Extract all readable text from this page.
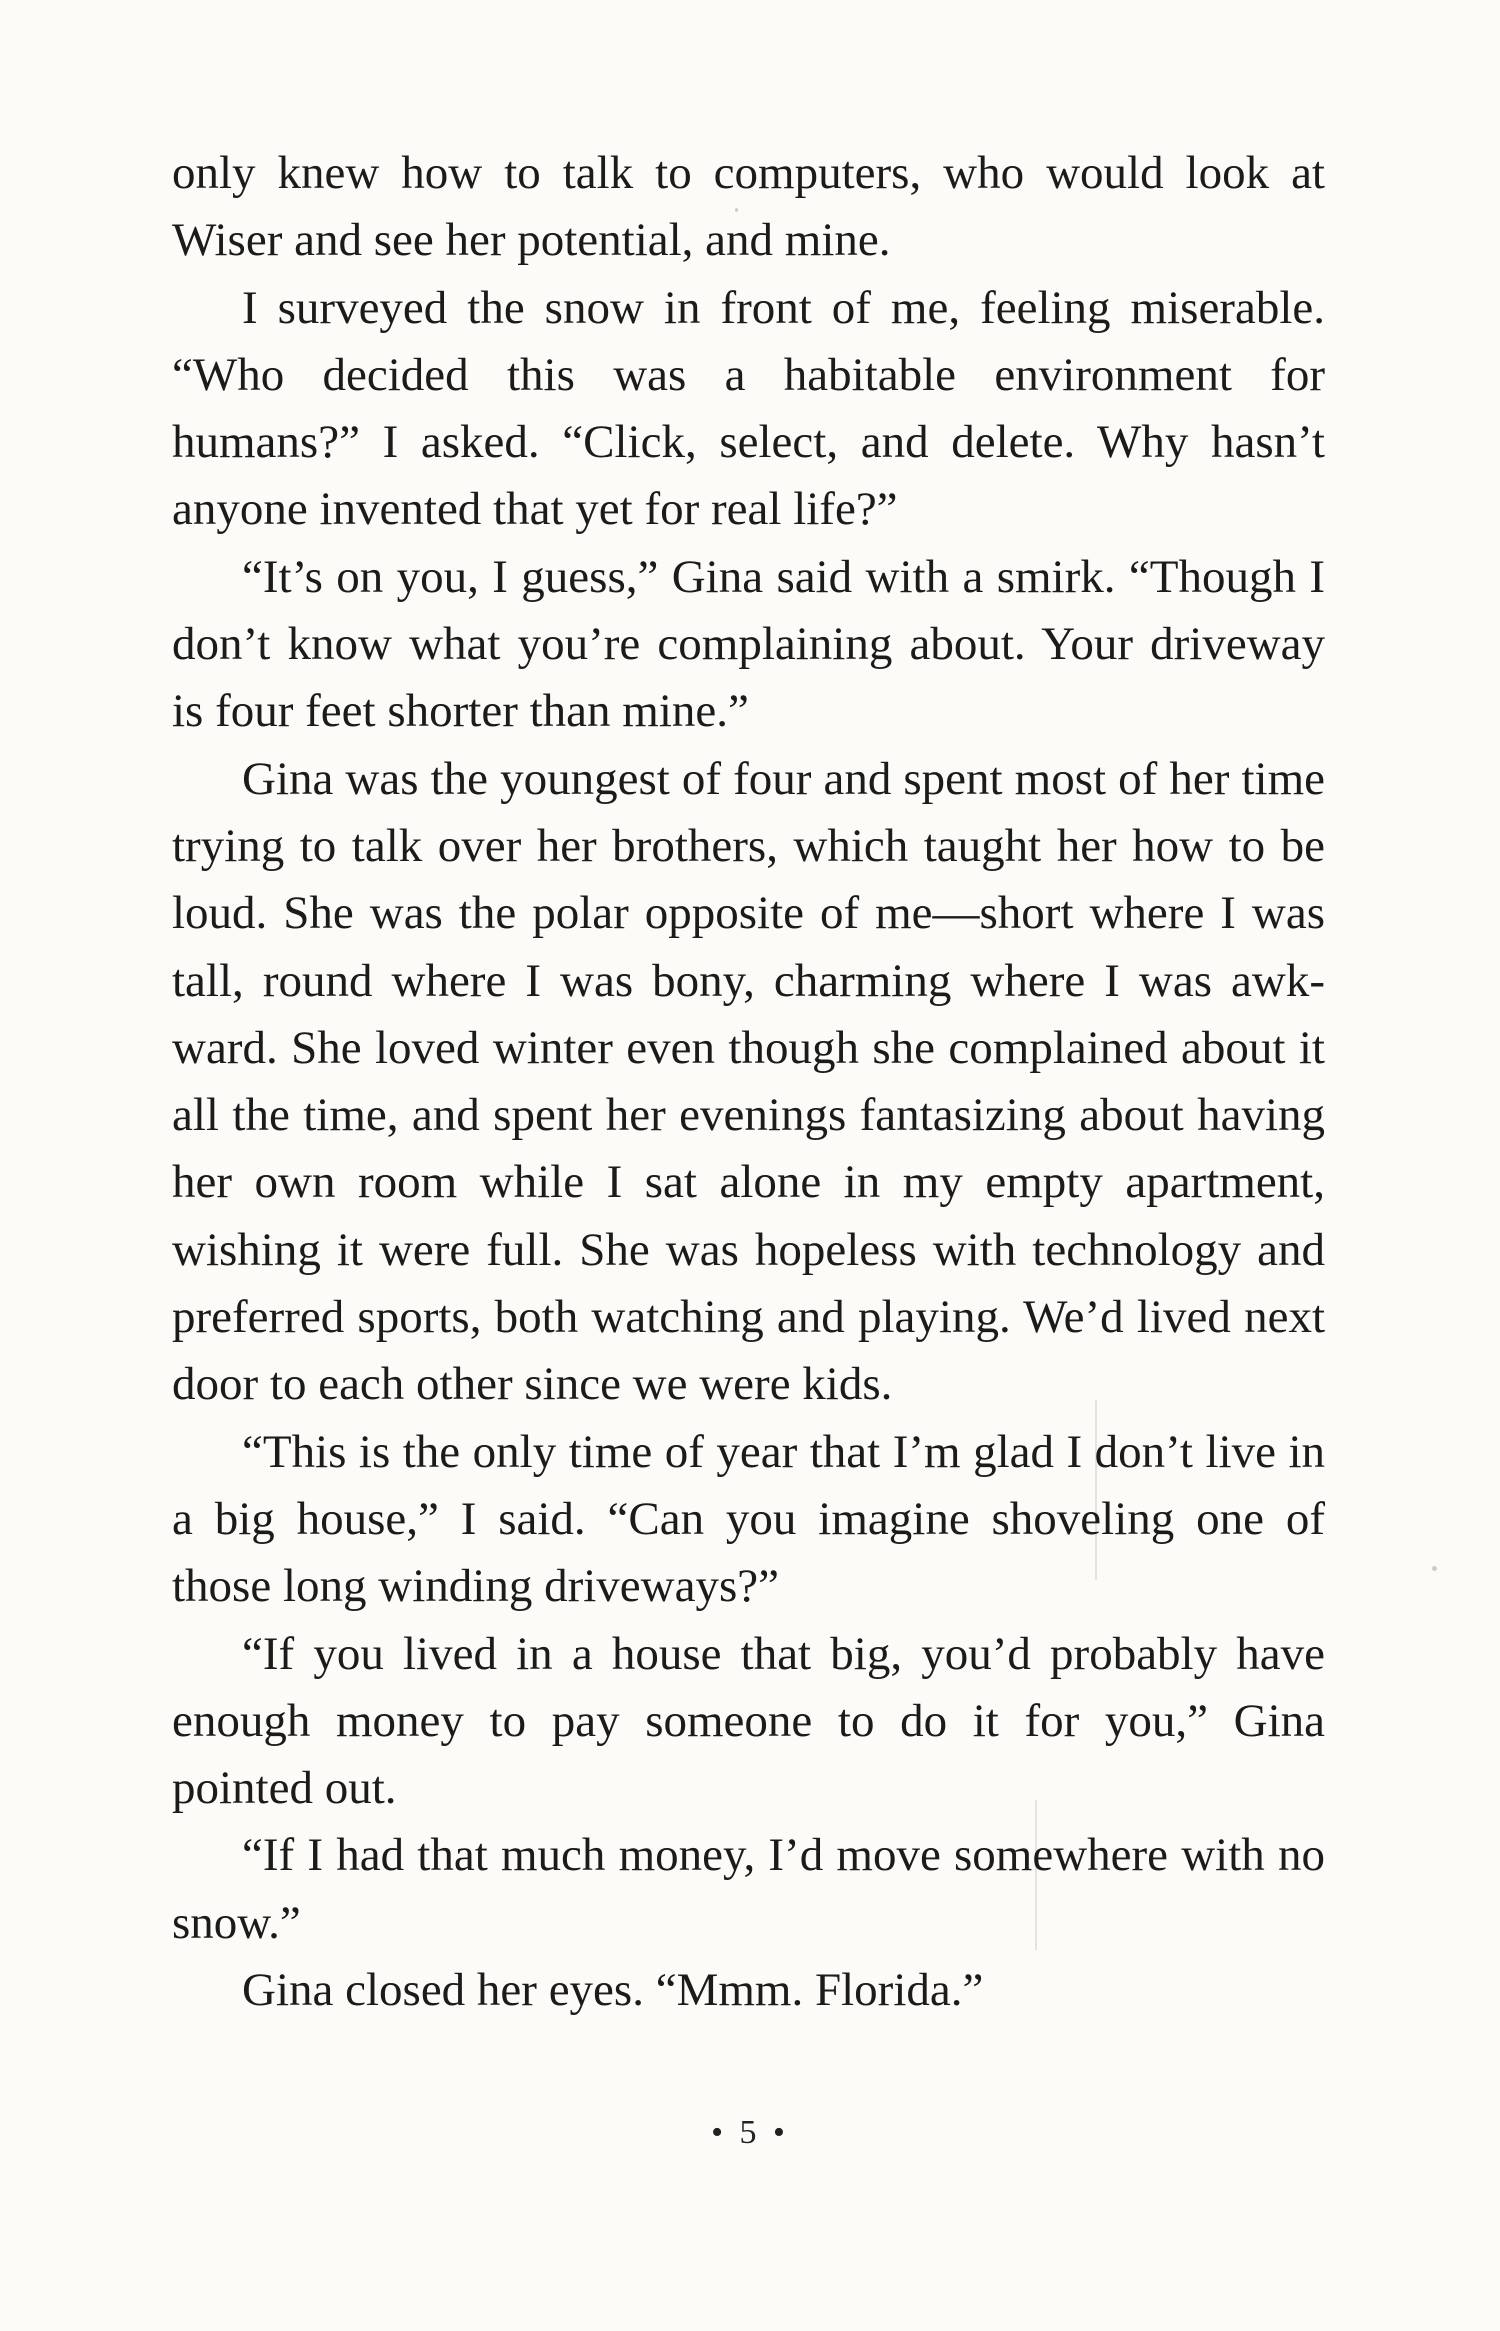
only knew how to talk to computers, who would look at Wiser and see her potential, and mine.

I surveyed the snow in front of me, feeling miserable. “Who decided this was a habitable environment for humans?” I asked. “Click, select, and delete. Why hasn’t anyone invented that yet for real life?”

“It’s on you, I guess,” Gina said with a smirk. “Though I don’t know what you’re complaining about. Your driveway is four feet shorter than mine.”

Gina was the youngest of four and spent most of her time trying to talk over her brothers, which taught her how to be loud. She was the polar opposite of me—short where I was tall, round where I was bony, charming where I was awkward. She loved winter even though she complained about it all the time, and spent her evenings fantasizing about having her own room while I sat alone in my empty apartment, wishing it were full. She was hopeless with technology and preferred sports, both watching and playing. We’d lived next door to each other since we were kids.

“This is the only time of year that I’m glad I don’t live in a big house,” I said. “Can you imagine shoveling one of those long winding driveways?”

“If you lived in a house that big, you’d probably have enough money to pay someone to do it for you,” Gina pointed out.

“If I had that much money, I’d move somewhere with no snow.”

Gina closed her eyes. “Mmm. Florida.”

• 5 •
